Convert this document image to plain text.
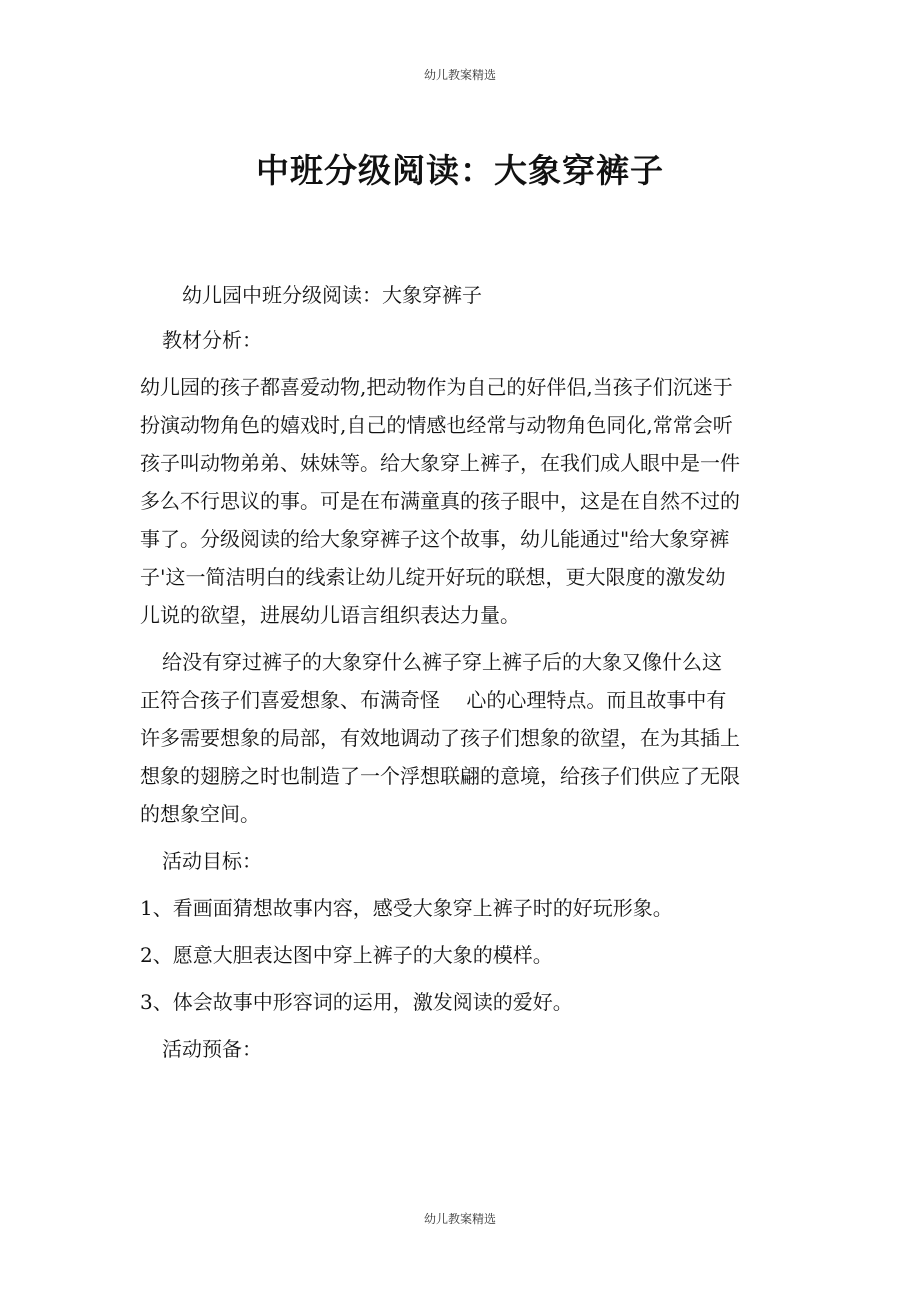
幼儿教案精选
中班分级阅读：大象穿裤子

幼儿园中班分级阅读：大象穿裤子

教材分析：

幼儿园的孩子都喜爱动物,把动物作为自己的好伴侣,当孩子们沉迷于
扮演动物角色的嬉戏时,自己的情感也经常与动物角色同化,常常会听
孩子叫动物弟弟、妹妹等。给大象穿上裤子，在我们成人眼中是一件
多么不行思议的事。可是在布满童真的孩子眼中，这是在自然不过的
事了。分级阅读的给大象穿裤子这个故事，幼儿能通过"给大象穿裤
子'这一简洁明白的线索让幼儿绽开好玩的联想，更大限度的激发幼
儿说的欲望，进展幼儿语言组织表达力量。

给没有穿过裤子的大象穿什么裤子穿上裤子后的大象又像什么这
正符合孩子们喜爱想象、布满奇怪　 心的心理特点。而且故事中有
许多需要想象的局部，有效地调动了孩子们想象的欲望，在为其插上
想象的翅膀之时也制造了一个浮想联翩的意境，给孩子们供应了无限
的想象空间。

活动目标：

1、看画面猜想故事内容，感受大象穿上裤子时的好玩形象。

2、愿意大胆表达图中穿上裤子的大象的模样。

3、体会故事中形容词的运用，激发阅读的爱好。

活动预备：

幼儿教案精选
